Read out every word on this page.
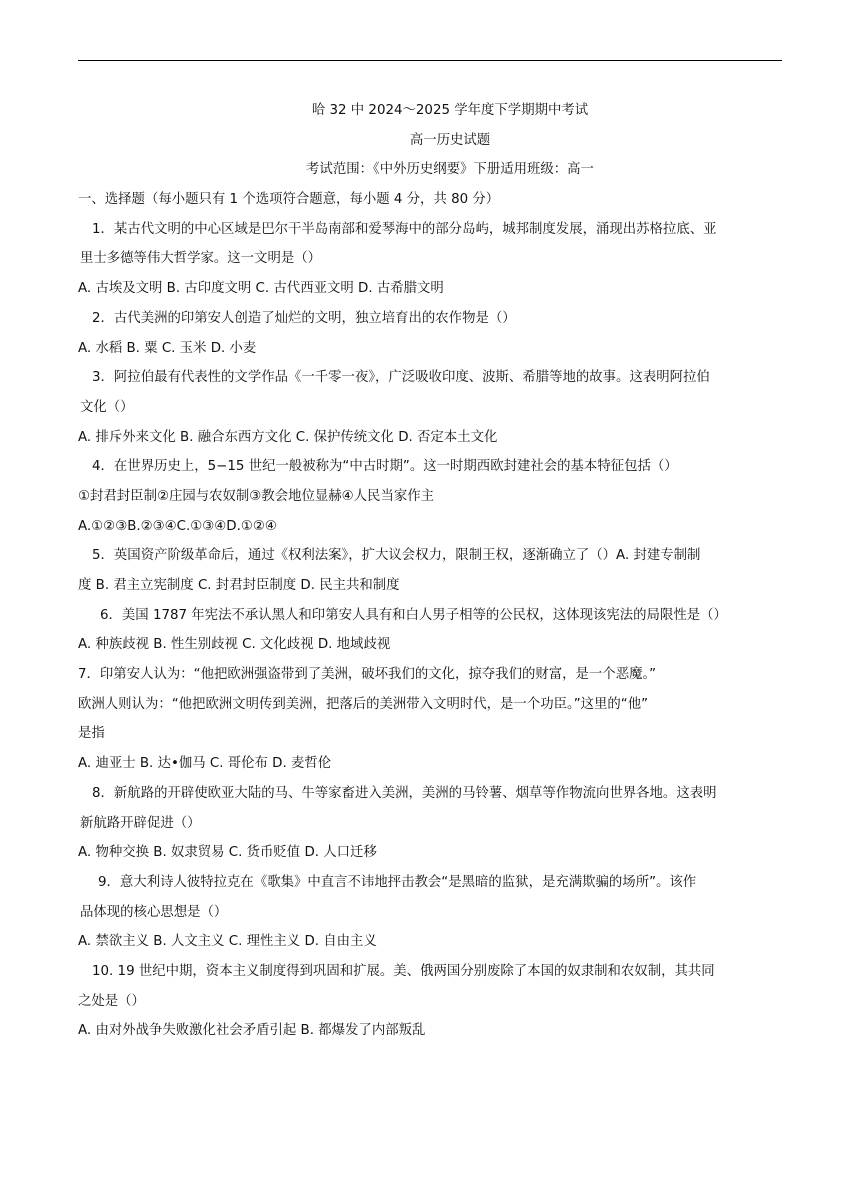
哈 32 中 2024～2025 学年度下学期期中考试
高一历史试题
考试范围：《中外历史纲要》下册适用班级：高一
一、选择题（每小题只有 1 个选项符合题意，每小题 4 分，共 80 分）
1．某古代文明的中心区域是巴尔干半岛南部和爱琴海中的部分岛屿，城邦制度发展，涌现出苏格拉底、亚
里士多德等伟大哲学家。这一文明是（）
A. 古埃及文明 B. 古印度文明 C. 古代西亚文明 D. 古希腊文明
2．古代美洲的印第安人创造了灿烂的文明，独立培育出的农作物是（）
A. 水稻 B. 粟 C. 玉米 D. 小麦
3．阿拉伯最有代表性的文学作品《一千零一夜》，广泛吸收印度、波斯、希腊等地的故事。这表明阿拉伯
文化（）
A. 排斥外来文化 B. 融合东西方文化 C. 保护传统文化 D. 否定本土文化
4．在世界历史上，5−15 世纪一般被称为“中古时期”。这一时期西欧封建社会的基本特征包括（）
①封君封臣制②庄园与农奴制③教会地位显赫④人民当家作主
A.①②③B.②③④C.①③④D.①②④
5．英国资产阶级革命后，通过《权利法案》，扩大议会权力，限制王权，逐渐确立了（）A. 封建专制制
度 B. 君主立宪制度 C. 封君封臣制度 D. 民主共和制度
6．美国 1787 年宪法不承认黑人和印第安人具有和白人男子相等的公民权，这体现该宪法的局限性是（）
A. 种族歧视 B. 性生别歧视 C. 文化歧视 D. 地域歧视
7．印第安人认为：“他把欧洲强盗带到了美洲，破坏我们的文化，掠夺我们的财富，是一个恶魔。”
欧洲人则认为：“他把欧洲文明传到美洲，把落后的美洲带入文明时代，是一个功臣。”这里的“他”
是指
A. 迪亚士 B. 达•伽马 C. 哥伦布 D. 麦哲伦
8．新航路的开辟使欧亚大陆的马、牛等家畜进入美洲，美洲的马铃薯、烟草等作物流向世界各地。这表明
新航路开辟促进（）
A. 物种交换 B. 奴隶贸易 C. 货币贬值 D. 人口迁移
9．意大利诗人彼特拉克在《歌集》中直言不讳地抨击教会“是黑暗的监狱，是充满欺骗的场所”。该作
品体现的核心思想是（）
A. 禁欲主义 B. 人文主义 C. 理性主义 D. 自由主义
10. 19 世纪中期，资本主义制度得到巩固和扩展。美、俄两国分别废除了本国的奴隶制和农奴制，其共同
之处是（）
A. 由对外战争失败激化社会矛盾引起 B. 都爆发了内部叛乱
